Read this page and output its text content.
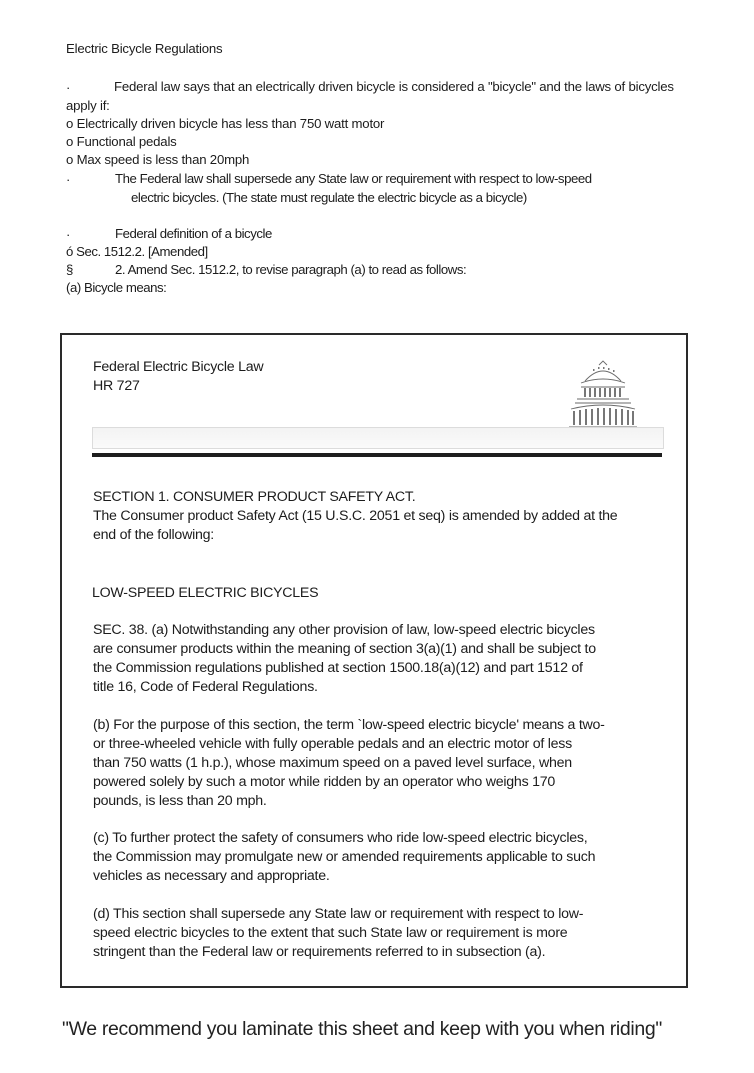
Electric Bicycle Regulations
·	Federal law says that an electrically driven bicycle is considered a "bicycle" and the laws of bicycles
apply if:
o Electrically driven bicycle has less than 750 watt motor
o Functional pedals
o Max speed is less than 20mph
·	The Federal law shall supersede any State law or requirement with respect to low-speed
electric bicycles. (The state must regulate the electric bicycle as a bicycle)
·	Federal definition of a bicycle
ó Sec. 1512.2. [Amended]
§	2. Amend Sec. 1512.2, to revise paragraph (a) to read as follows:
(a) Bicycle means:
Federal Electric Bicycle Law
HR 727
SECTION 1. CONSUMER PRODUCT SAFETY ACT.
The Consumer product Safety Act (15 U.S.C. 2051 et seq) is amended by added at the
end of the following:
LOW-SPEED ELECTRIC BICYCLES
SEC. 38. (a) Notwithstanding any other provision of law, low-speed electric bicycles
are consumer products within the meaning of section 3(a)(1) and shall be subject to
the Commission regulations published at section 1500.18(a)(12) and part 1512 of
title 16, Code of Federal Regulations.
(b) For the purpose of this section, the term `low-speed electric bicycle' means a two-
or three-wheeled vehicle with fully operable pedals and an electric motor of less
than 750 watts (1 h.p.), whose maximum speed on a paved level surface, when
powered solely by such a motor while ridden by an operator who weighs 170
pounds, is less than 20 mph.
(c) To further protect the safety of consumers who ride low-speed electric bicycles,
the Commission may promulgate new or amended requirements applicable to such
vehicles as necessary and appropriate.
(d) This section shall supersede any State law or requirement with respect to low-
speed electric bicycles to the extent that such State law or requirement is more
stringent than the Federal law or requirements referred to in subsection (a).
"We recommend you laminate this sheet and keep with you when riding"
